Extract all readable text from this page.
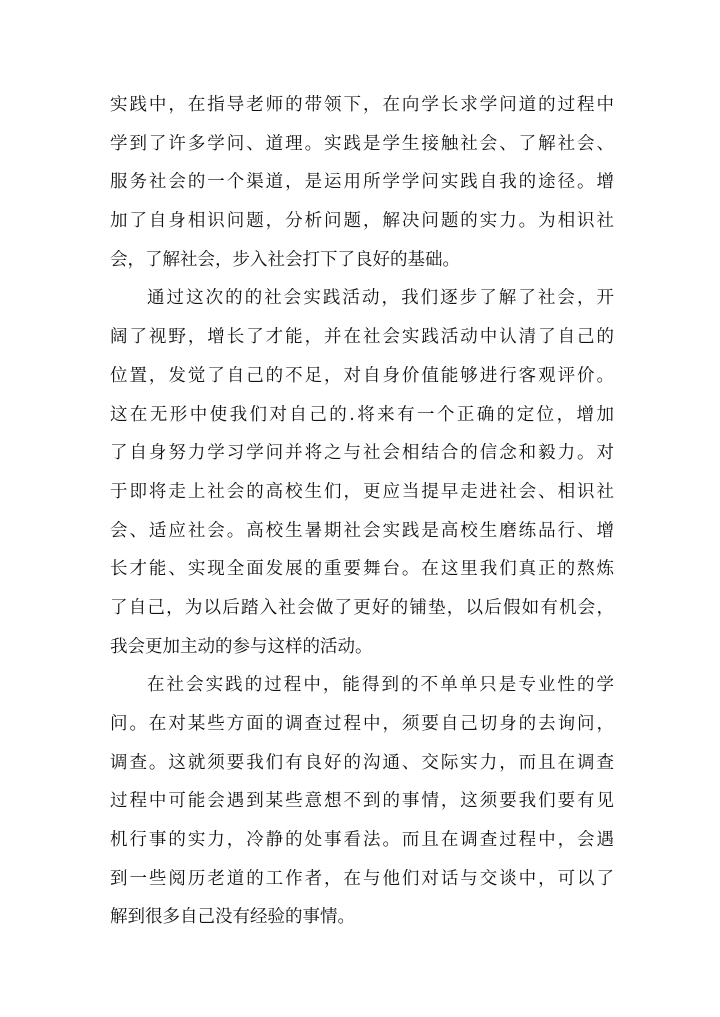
实践中，在指导老师的带领下，在向学长求学问道的过程中
学到了许多学问、道理。实践是学生接触社会、了解社会、
服务社会的一个渠道，是运用所学学问实践自我的途径。增
加了自身相识问题，分析问题，解决问题的实力。为相识社
会，了解社会，步入社会打下了良好的基础。
通过这次的的社会实践活动，我们逐步了解了社会，开
阔了视野，增长了才能，并在社会实践活动中认清了自己的
位置，发觉了自己的不足，对自身价值能够进行客观评价。
这在无形中使我们对自己的.将来有一个正确的定位，增加
了自身努力学习学问并将之与社会相结合的信念和毅力。对
于即将走上社会的高校生们，更应当提早走进社会、相识社
会、适应社会。高校生暑期社会实践是高校生磨练品行、增
长才能、实现全面发展的重要舞台。在这里我们真正的熬炼
了自己，为以后踏入社会做了更好的铺垫，以后假如有机会，
我会更加主动的参与这样的活动。
在社会实践的过程中，能得到的不单单只是专业性的学
问。在对某些方面的调查过程中，须要自己切身的去询问，
调查。这就须要我们有良好的沟通、交际实力，而且在调查
过程中可能会遇到某些意想不到的事情，这须要我们要有见
机行事的实力，冷静的处事看法。而且在调查过程中，会遇
到一些阅历老道的工作者，在与他们对话与交谈中，可以了
解到很多自己没有经验的事情。
